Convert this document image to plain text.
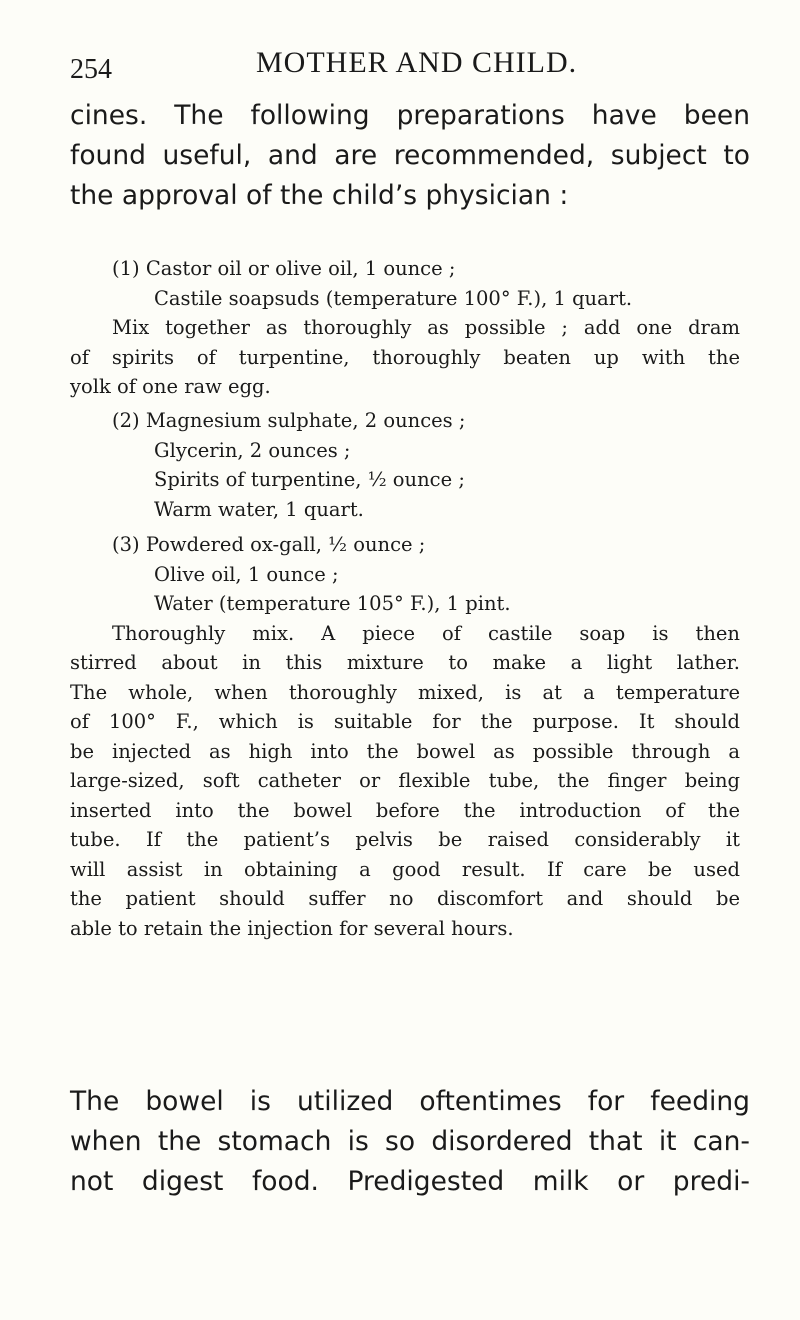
254	MOTHER AND CHILD.
cines. The following preparations have been
found useful, and are recommended, subject to
the approval of the child’s physician :
(1) Castor oil or olive oil, 1 ounce ;
Castile soapsuds (temperature 100° F.), 1 quart.
Mix together as thoroughly as possible ; add one dram
of spirits of turpentine, thoroughly beaten up with the
yolk of one raw egg.
(2) Magnesium sulphate, 2 ounces ;
Glycerin, 2 ounces ;
Spirits of turpentine, ½ ounce ;
Warm water, 1 quart.
(3) Powdered ox-gall, ½ ounce ;
Olive oil, 1 ounce ;
Water (temperature 105° F.), 1 pint.
Thoroughly mix. A piece of castile soap is then
stirred about in this mixture to make a light lather.
The whole, when thoroughly mixed, is at a temperature
of 100° F., which is suitable for the purpose. It should
be injected as high into the bowel as possible through a
large-sized, soft catheter or flexible tube, the finger being
inserted into the bowel before the introduction of the
tube. If the patient’s pelvis be raised considerably it
will assist in obtaining a good result. If care be used
the patient should suffer no discomfort and should be
able to retain the injection for several hours.
The bowel is utilized oftentimes for feeding
when the stomach is so disordered that it can-
not digest food. Predigested milk or predi-
